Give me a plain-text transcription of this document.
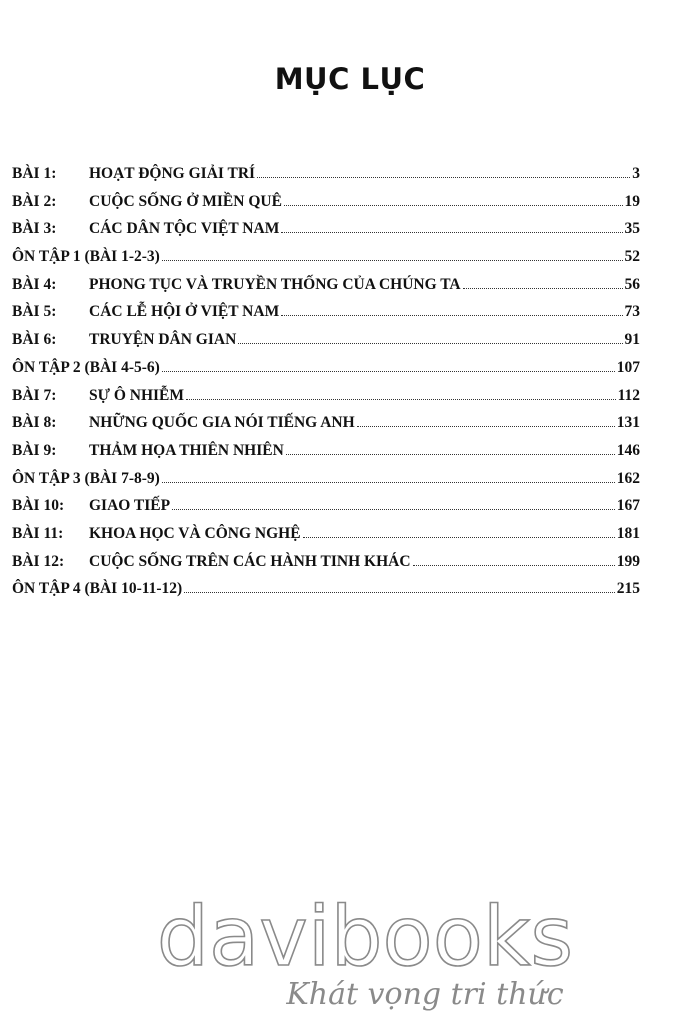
MỤC LỤC
BÀI 1:	HOẠT ĐỘNG GIẢI TRÍ	3
BÀI 2:	CUỘC SỐNG Ở MIỀN QUÊ	19
BÀI 3:	CÁC DÂN TỘC VIỆT NAM	35
ÔN TẬP 1 (BÀI 1-2-3)	52
BÀI 4:	PHONG TỤC VÀ TRUYỀN THỐNG CỦA CHÚNG TA	56
BÀI 5:	CÁC LỄ HỘI Ở VIỆT NAM	73
BÀI 6:	TRUYỆN DÂN GIAN	91
ÔN TẬP 2 (BÀI 4-5-6)	107
BÀI 7:	SỰ Ô NHIỄM	112
BÀI 8:	NHỮNG QUỐC GIA NÓI TIẾNG ANH	131
BÀI 9:	THẢM HỌA THIÊN NHIÊN	146
ÔN TẬP 3 (BÀI 7-8-9)	162
BÀI 10:	GIAO TIẾP	167
BÀI 11:	KHOA HỌC VÀ CÔNG NGHỆ	181
BÀI 12:	CUỘC SỐNG TRÊN CÁC HÀNH TINH KHÁC	199
ÔN TẬP 4 (BÀI 10-11-12)	215
davibooks
Khát vọng tri thức
